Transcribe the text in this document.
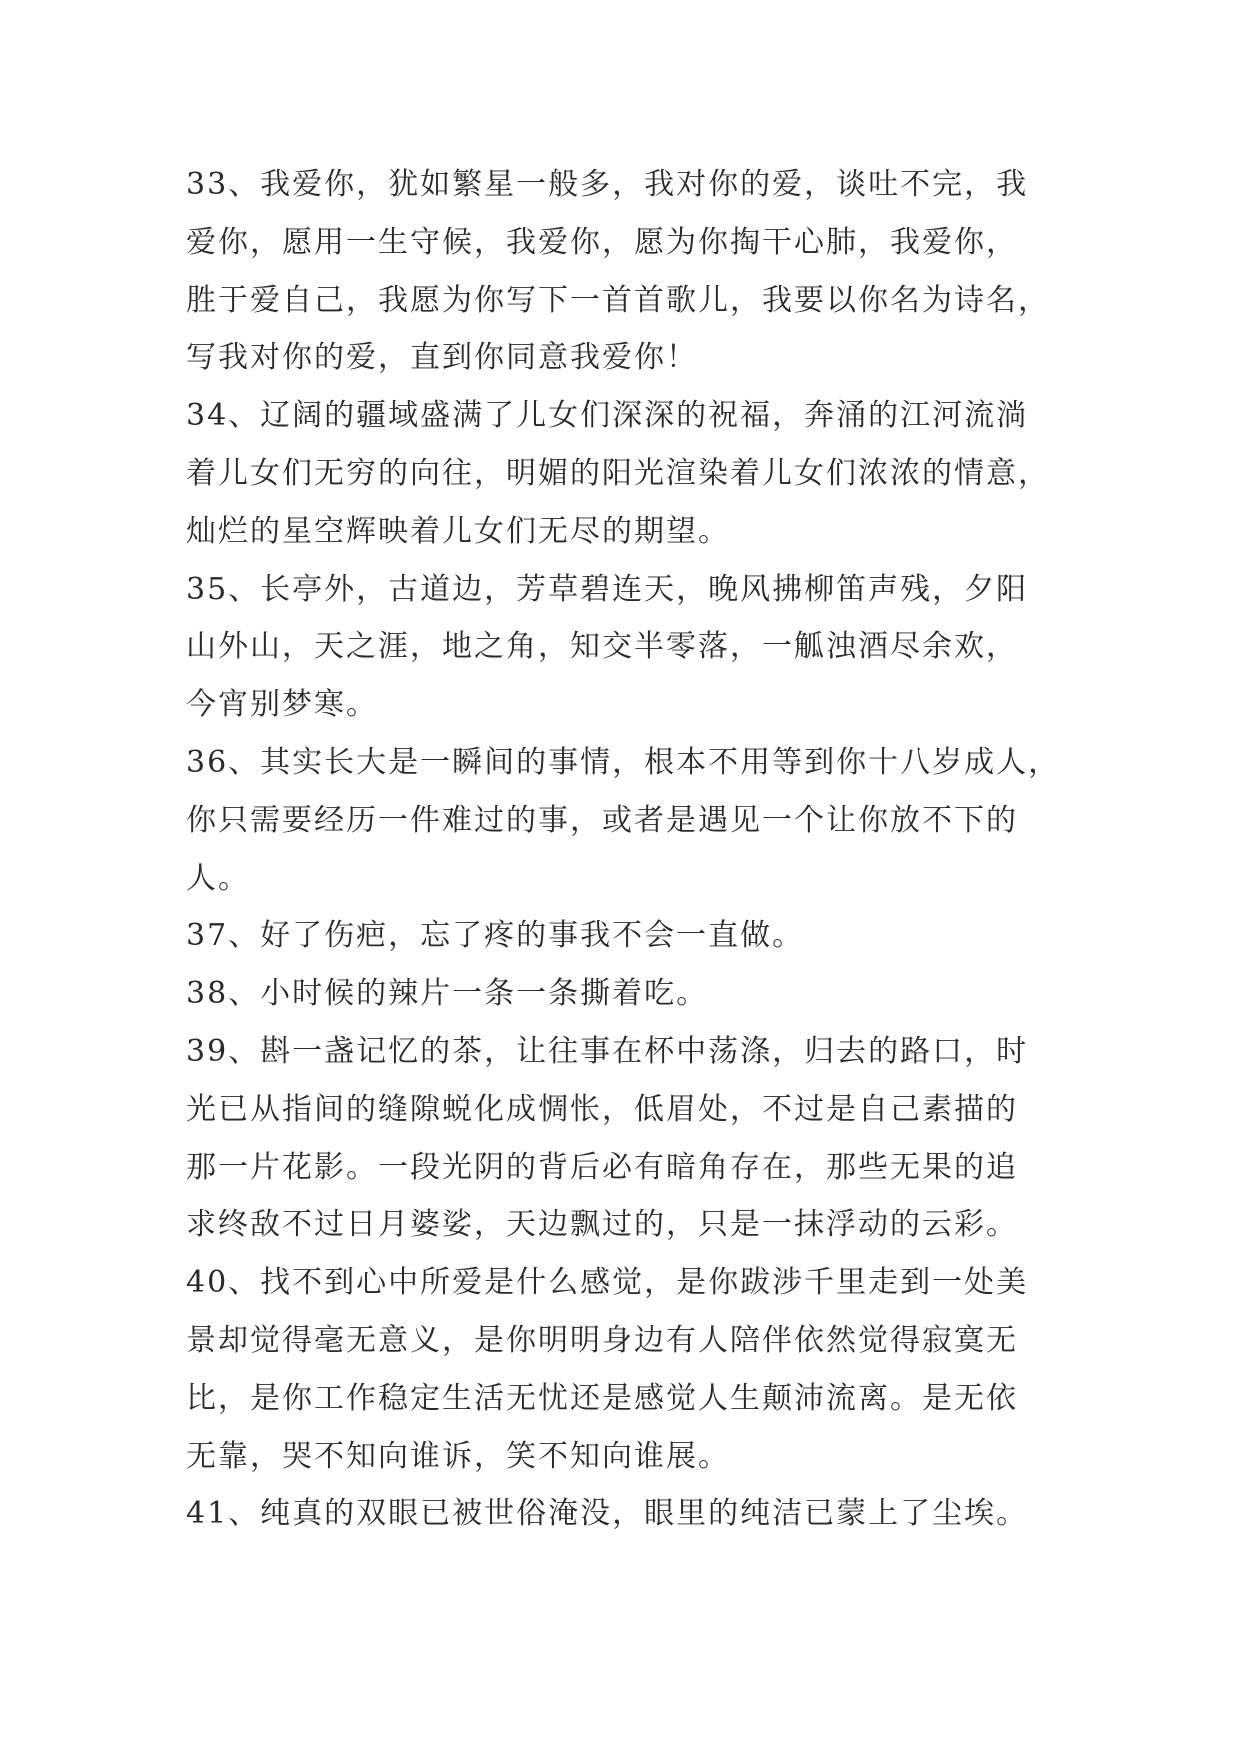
33、我爱你，犹如繁星一般多，我对你的爱，谈吐不完，我
爱你，愿用一生守候，我爱你，愿为你掏干心肺，我爱你，
胜于爱自己，我愿为你写下一首首歌儿，我要以你名为诗名，
写我对你的爱，直到你同意我爱你！
34、辽阔的疆域盛满了儿女们深深的祝福，奔涌的江河流淌
着儿女们无穷的向往，明媚的阳光渲染着儿女们浓浓的情意，
灿烂的星空辉映着儿女们无尽的期望。
35、长亭外，古道边，芳草碧连天，晚风拂柳笛声残，夕阳
山外山，天之涯，地之角，知交半零落，一觚浊酒尽余欢，
今宵别梦寒。
36、其实长大是一瞬间的事情，根本不用等到你十八岁成人，
你只需要经历一件难过的事，或者是遇见一个让你放不下的
人。
37、好了伤疤，忘了疼的事我不会一直做。
38、小时候的辣片一条一条撕着吃。
39、斟一盏记忆的茶，让往事在杯中荡涤，归去的路口，时
光已从指间的缝隙蜕化成惆怅，低眉处，不过是自己素描的
那一片花影。一段光阴的背后必有暗角存在，那些无果的追
求终敌不过日月婆娑，天边飘过的，只是一抹浮动的云彩。
40、找不到心中所爱是什么感觉，是你跋涉千里走到一处美
景却觉得毫无意义，是你明明身边有人陪伴依然觉得寂寞无
比，是你工作稳定生活无忧还是感觉人生颠沛流离。是无依
无靠，哭不知向谁诉，笑不知向谁展。
41、纯真的双眼已被世俗淹没，眼里的纯洁已蒙上了尘埃。
